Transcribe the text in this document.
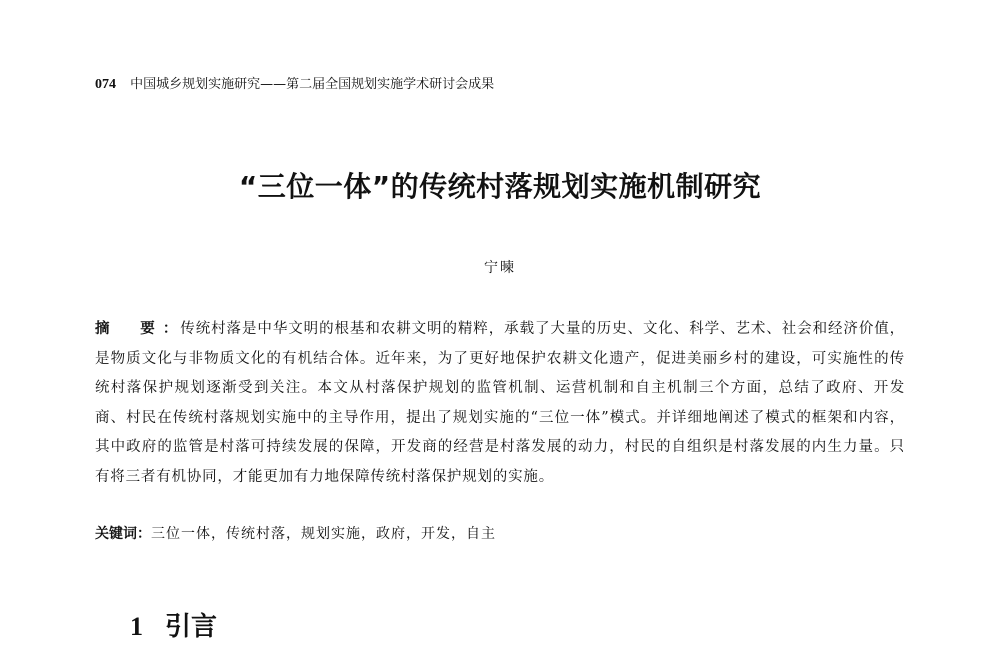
074 中国城乡规划实施研究——第二届全国规划实施学术研讨会成果
“三位一体”的传统村落规划实施机制研究
宁暕
摘　要： 传统村落是中华文明的根基和农耕文明的精粹，承载了大量的历史、文化、科学、艺术、社会和经济价值，是物质文化与非物质文化的有机结合体。近年来，为了更好地保护农耕文化遗产，促进美丽乡村的建设，可实施性的传统村落保护规划逐渐受到关注。本文从村落保护规划的监管机制、运营机制和自主机制三个方面，总结了政府、开发商、村民在传统村落规划实施中的主导作用，提出了规划实施的“三位一体”模式。并详细地阐述了模式的框架和内容，其中政府的监管是村落可持续发展的保障，开发商的经营是村落发展的动力，村民的自组织是村落发展的内生力量。只有将三者有机协同，才能更加有力地保障传统村落保护规划的实施。
关键词：三位一体，传统村落，规划实施，政府，开发，自主
1 引言
